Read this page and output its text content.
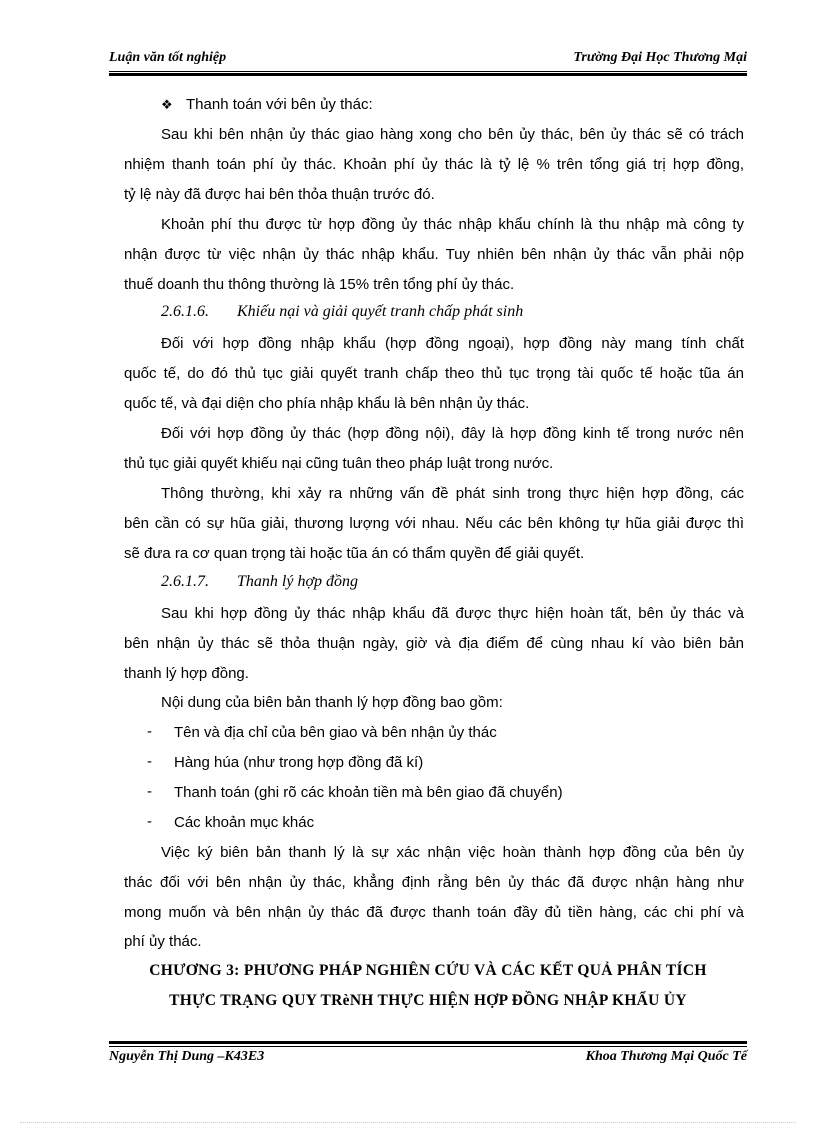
Luận văn tốt nghiệp	Trường Đại Học Thương Mại
❖ Thanh toán với bên ủy thác:
Sau khi bên nhận ủy thác giao hàng xong cho bên ủy thác, bên ủy thác sẽ có trách
nhiệm thanh toán phí ủy thác. Khoản phí ủy thác là tỷ lệ % trên tổng giá trị hợp đồng,
tỷ lệ này đã được hai bên thỏa thuận trước đó.
Khoản phí thu được từ hợp đồng ủy thác nhập khẩu chính là thu nhập mà công ty
nhận được từ việc nhận ủy thác nhập khẩu. Tuy nhiên bên nhận ủy thác vẫn phải nộp
thuế doanh thu thông thường là 15% trên tổng phí ủy thác.
2.6.1.6. Khiếu nại và giải quyết tranh chấp phát sinh
Đối với hợp đồng nhập khẩu (hợp đồng ngoại), hợp đồng này mang tính chất
quốc tế, do đó thủ tục giải quyết tranh chấp theo thủ tục trọng tài quốc tế hoặc tũa án
quốc tế, và đại diện cho phía nhập khẩu là bên nhận ủy thác.
Đối với hợp đồng ủy thác (hợp đồng nội), đây là hợp đồng kinh tế trong nước nên
thủ tục giải quyết khiếu nại cũng tuân theo pháp luật trong nước.
Thông thường, khi xảy ra những vấn đề phát sinh trong thực hiện hợp đồng, các
bên cần có sự hũa giải, thương lượng với nhau. Nếu các bên không tự hũa giải được thì
sẽ đưa ra cơ quan trọng tài hoặc tũa án có thẩm quyền để giải quyết.
2.6.1.7. Thanh lý hợp đồng
Sau khi hợp đồng ủy thác nhập khẩu đã được thực hiện hoàn tất, bên ủy thác và
bên nhận ủy thác sẽ thỏa thuận ngày, giờ và địa điểm để cùng nhau kí vào biên bản
thanh lý hợp đồng.
Nội dung của biên bản thanh lý hợp đồng bao gồm:
- Tên và địa chỉ của bên giao và bên nhận ủy thác
- Hàng húa (như trong hợp đồng đã kí)
- Thanh toán (ghi rõ các khoản tiền mà bên giao đã chuyển)
- Các khoản mục khác
Việc ký biên bản thanh lý là sự xác nhận việc hoàn thành hợp đồng của bên ủy
thác đối với bên nhận ủy thác, khẳng định rằng bên ủy thác đã được nhận hàng như
mong muốn và bên nhận ủy thác đã được thanh toán đầy đủ tiền hàng, các chi phí và
phí ủy thác.
CHƯƠNG 3: PHƯƠNG PHÁP NGHIÊN CỨU VÀ CÁC KẾT QUẢ PHÂN TÍCH
THỰC TRẠNG QUY TRèNH THỰC HIỆN HỢP ĐỒNG NHẬP KHẨU ỦY
Nguyễn Thị Dung –K43E3	Khoa Thương Mại Quốc Tế
